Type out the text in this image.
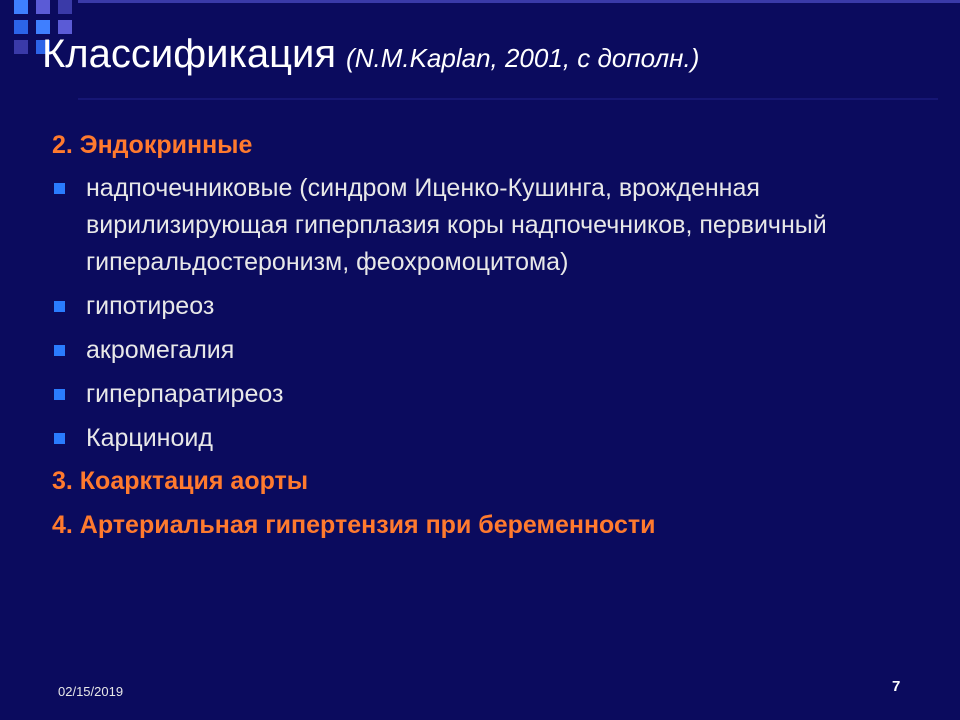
Классификация (N.M.Kaplan, 2001, с дополн.)
2. Эндокринные
надпочечниковые (синдром Иценко-Кушинга, врожденная вирилизирующая гиперплазия коры надпочечников, первичный гиперальдостеронизм, феохромоцитома)
гипотиреоз
акромегалия
гиперпаратиреоз
Карциноид
3. Коарктация аорты
4. Артериальная гипертензия при беременности
02/15/2019	7
